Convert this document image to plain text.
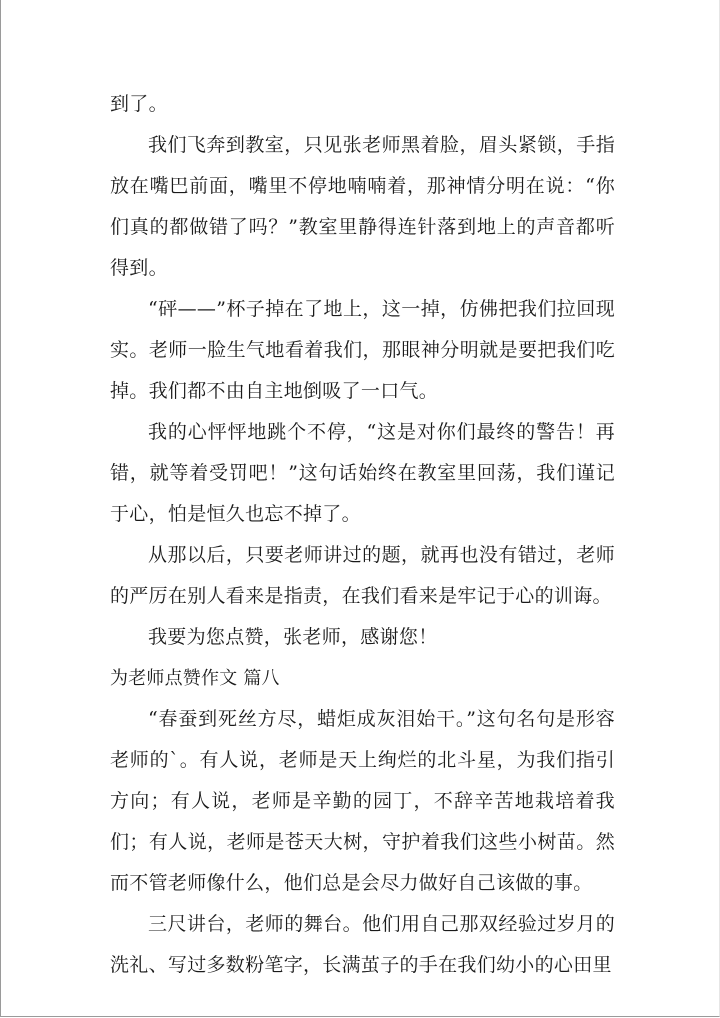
到了。

我们飞奔到教室，只见张老师黑着脸，眉头紧锁，手指放在嘴巴前面，嘴里不停地喃喃着，那神情分明在说：“你们真的都做错了吗？”教室里静得连针落到地上的声音都听得到。

“砰——”杯子掉在了地上，这一掉，仿佛把我们拉回现实。老师一脸生气地看着我们，那眼神分明就是要把我们吃掉。我们都不由自主地倒吸了一口气。

我的心怦怦地跳个不停，“这是对你们最终的警告！再错，就等着受罚吧！”这句话始终在教室里回荡，我们谨记于心，怕是恒久也忘不掉了。

从那以后，只要老师讲过的题，就再也没有错过，老师的严厉在别人看来是指责，在我们看来是牢记于心的训诲。

我要为您点赞，张老师，感谢您！

为老师点赞作文 篇八

“春蚕到死丝方尽，蜡炬成灰泪始干。”这句名句是形容老师的`。有人说，老师是天上绚烂的北斗星，为我们指引方向；有人说，老师是辛勤的园丁，不辞辛苦地栽培着我们；有人说，老师是苍天大树，守护着我们这些小树苗。然而不管老师像什么，他们总是会尽力做好自己该做的事。

三尺讲台，老师的舞台。他们用自己那双经验过岁月的洗礼、写过多数粉笔字，长满茧子的手在我们幼小的心田里
